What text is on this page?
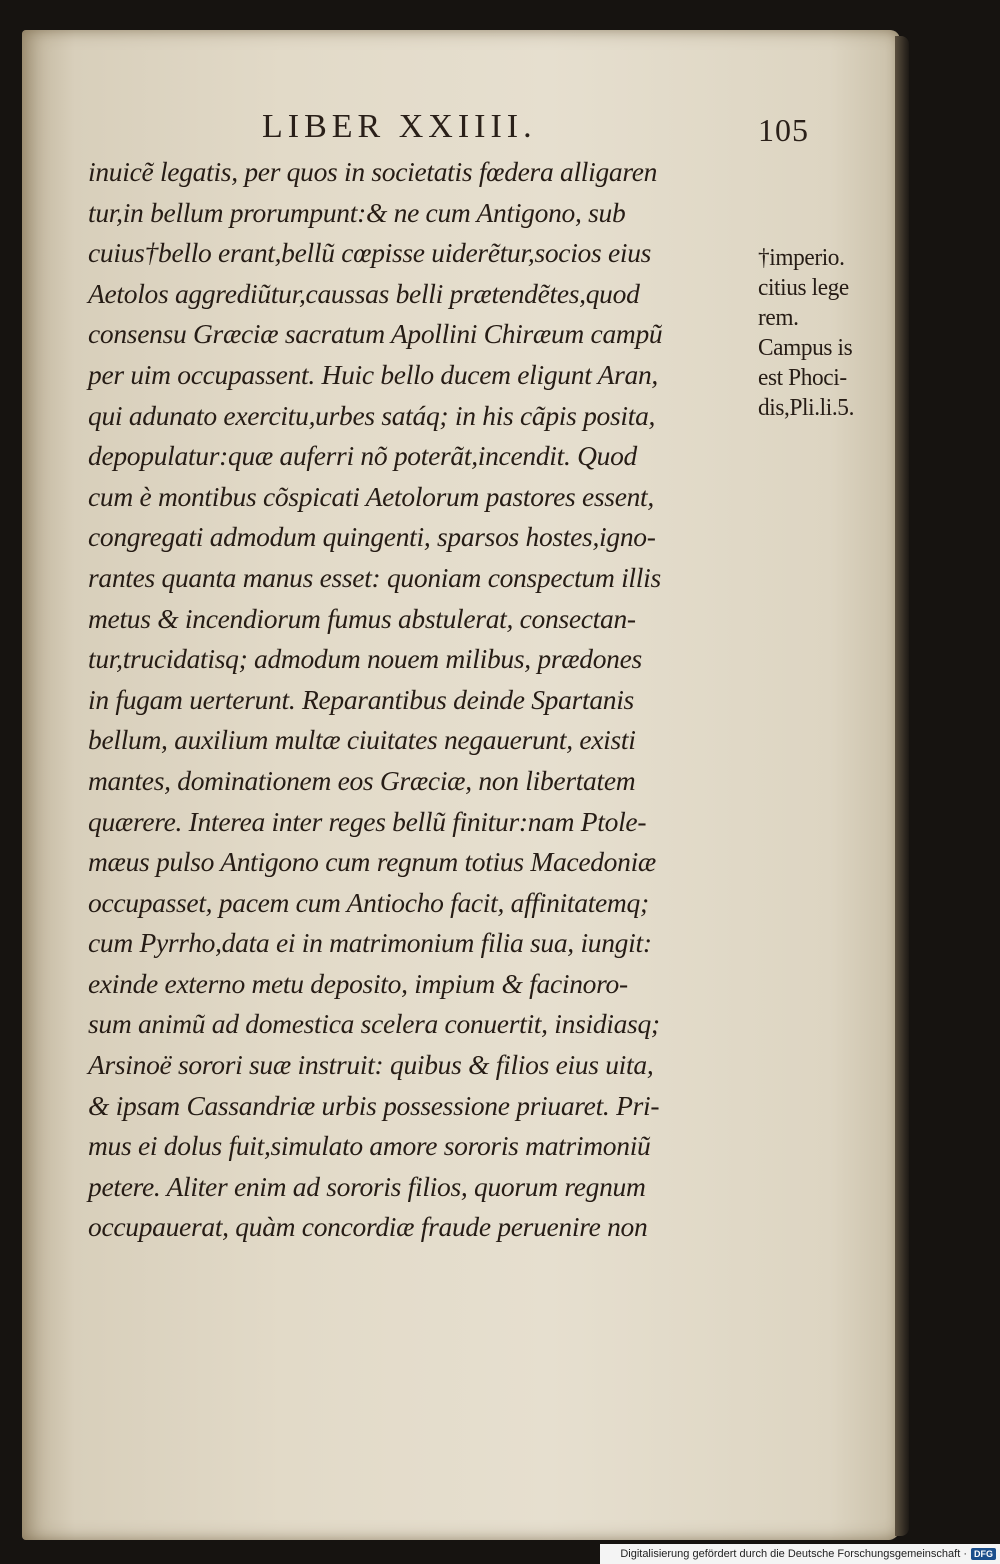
LIBER XXIIII.	105
inuicẽ legatis, per quos in societatis fœdera alligaren
tur,in bellum prorumpunt:& ne cum Antigono, sub
cuius†bello erant,bellũ cœpisse uiderẽtur,socios eius
Aetolos aggrediũtur,caussas belli prætendẽtes,quod
consensu Græciæ sacratum Apollini Chiræum campũ
per uim occupassent. Huic bello ducem eligunt Aran,
qui adunato exercitu,urbes satáq; in his cãpis posita,
depopulatur:quæ auferri nõ poterãt,incendit. Quod
cum è montibus cõspicati Aetolorum pastores essent,
congregati admodum quingenti, sparsos hostes,igno-
rantes quanta manus esset: quoniam conspectum illis
metus & incendiorum fumus abstulerat, consectan-
tur,trucidatisq; admodum nouem milibus, prædones
in fugam uerterunt. Reparantibus deinde Spartanis
bellum, auxilium multæ ciuitates negauerunt, existi
mantes, dominationem eos Græciæ, non libertatem
quærere. Interea inter reges bellũ finitur:nam Ptole-
mæus pulso Antigono cum regnum totius Macedoniæ
occupasset, pacem cum Antiocho facit, affinitatemq;
cum Pyrrho,data ei in matrimonium filia sua, iungit:
exinde externo metu deposito, impium & facinoro-
sum animũ ad domestica scelera conuertit, insidiasq;
Arsinoë sorori suæ instruit: quibus & filios eius uita,
& ipsam Cassandriæ urbis possessione priuaret. Pri-
mus ei dolus fuit,simulato amore sororis matrimoniũ
petere. Aliter enim ad sororis filios, quorum regnum
occupauerat, quàm concordiæ fraude peruenire non
†imperio.
citius lege
rem.
Campus is
est Phoci-
dis,Pli.li.5.
Digitalisierung gefördert durch die Deutsche Forschungsgemeinschaft · DFG
